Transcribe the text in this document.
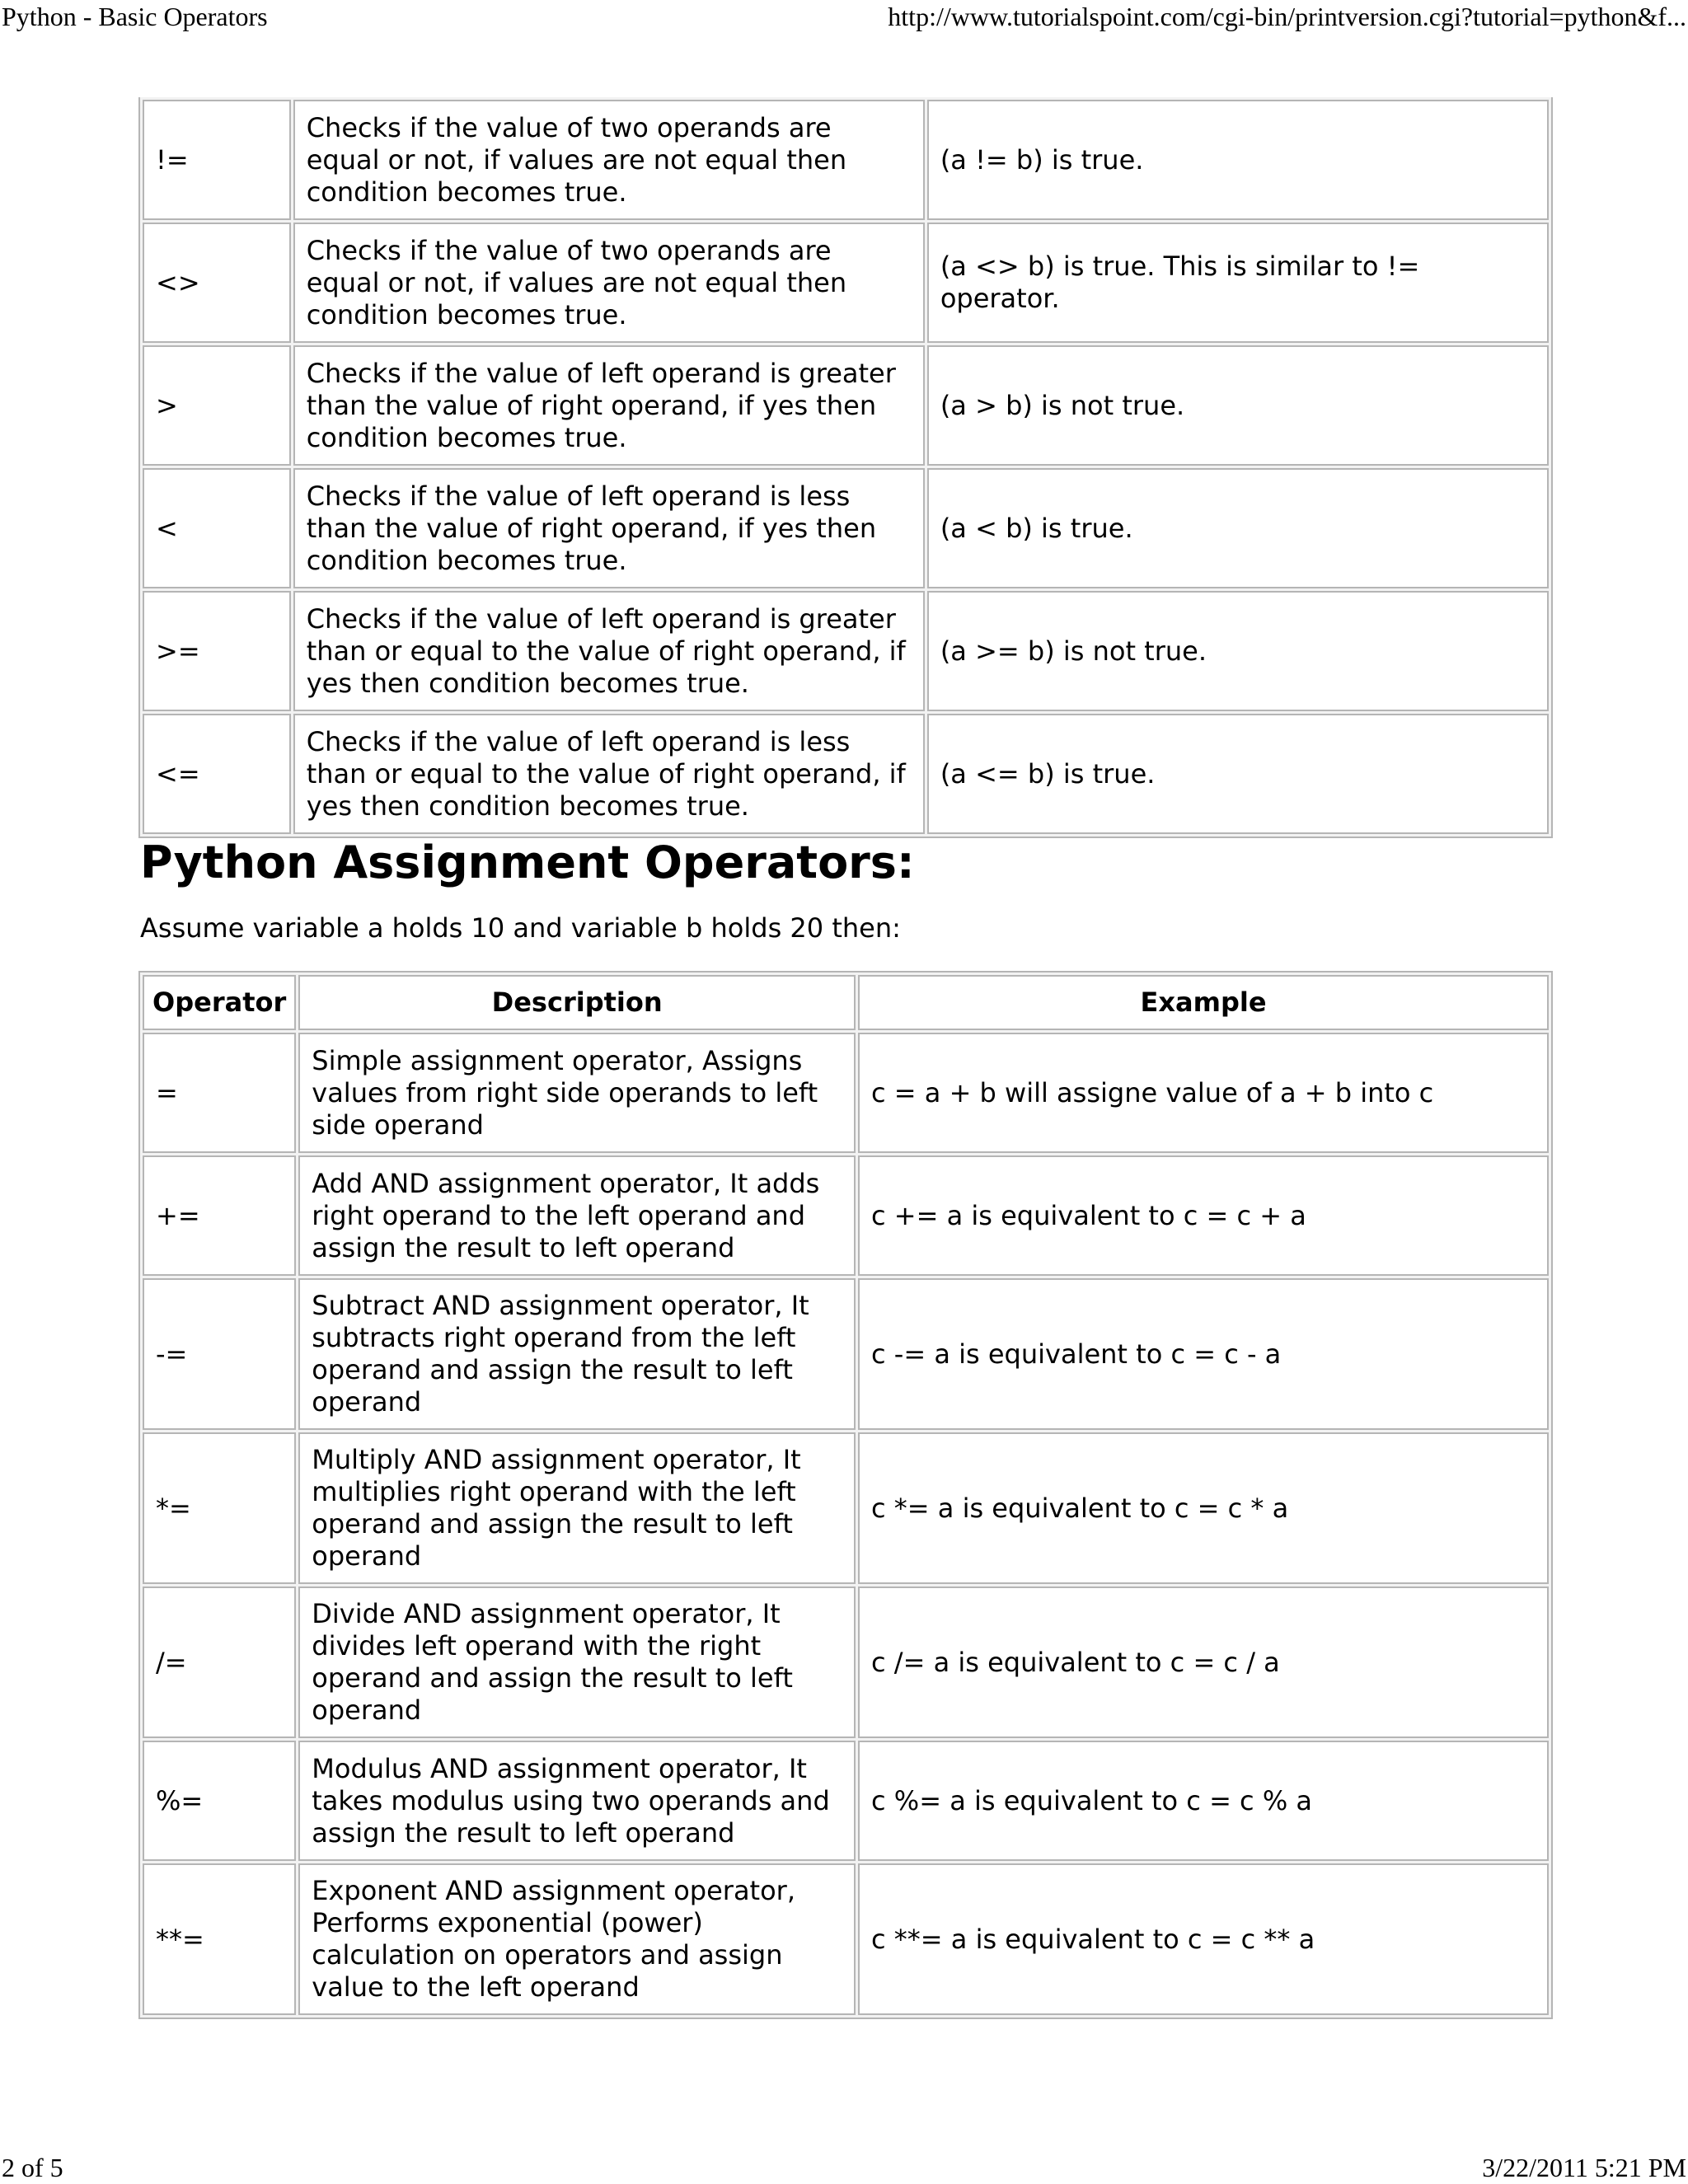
Python - Basic Operators	http://www.tutorialspoint.com/cgi-bin/printversion.cgi?tutorial=python&f...
!=	Checks if the value of two operands are equal or not, if values are not equal then condition becomes true.	(a != b) is true.
<>	Checks if the value of two operands are equal or not, if values are not equal then condition becomes true.	(a <> b) is true. This is similar to != operator.
>	Checks if the value of left operand is greater than the value of right operand, if yes then condition becomes true.	(a > b) is not true.
<	Checks if the value of left operand is less than the value of right operand, if yes then condition becomes true.	(a < b) is true.
>=	Checks if the value of left operand is greater than or equal to the value of right operand, if yes then condition becomes true.	(a >= b) is not true.
<=	Checks if the value of left operand is less than or equal to the value of right operand, if yes then condition becomes true.	(a <= b) is true.
Python Assignment Operators:

Assume variable a holds 10 and variable b holds 20 then:

Operator	Description	Example
=	Simple assignment operator, Assigns values from right side operands to left side operand	c = a + b will assigne value of a + b into c
+=	Add AND assignment operator, It adds right operand to the left operand and assign the result to left operand	c += a is equivalent to c = c + a
-=	Subtract AND assignment operator, It subtracts right operand from the left operand and assign the result to left operand	c -= a is equivalent to c = c - a
*=	Multiply AND assignment operator, It multiplies right operand with the left operand and assign the result to left operand	c *= a is equivalent to c = c * a
/=	Divide AND assignment operator, It divides left operand with the right operand and assign the result to left operand	c /= a is equivalent to c = c / a
%=	Modulus AND assignment operator, It takes modulus using two operands and assign the result to left operand	c %= a is equivalent to c = c % a
**=	Exponent AND assignment operator, Performs exponential (power) calculation on operators and assign value to the left operand	c **= a is equivalent to c = c ** a
2 of 5	3/22/2011 5:21 PM
